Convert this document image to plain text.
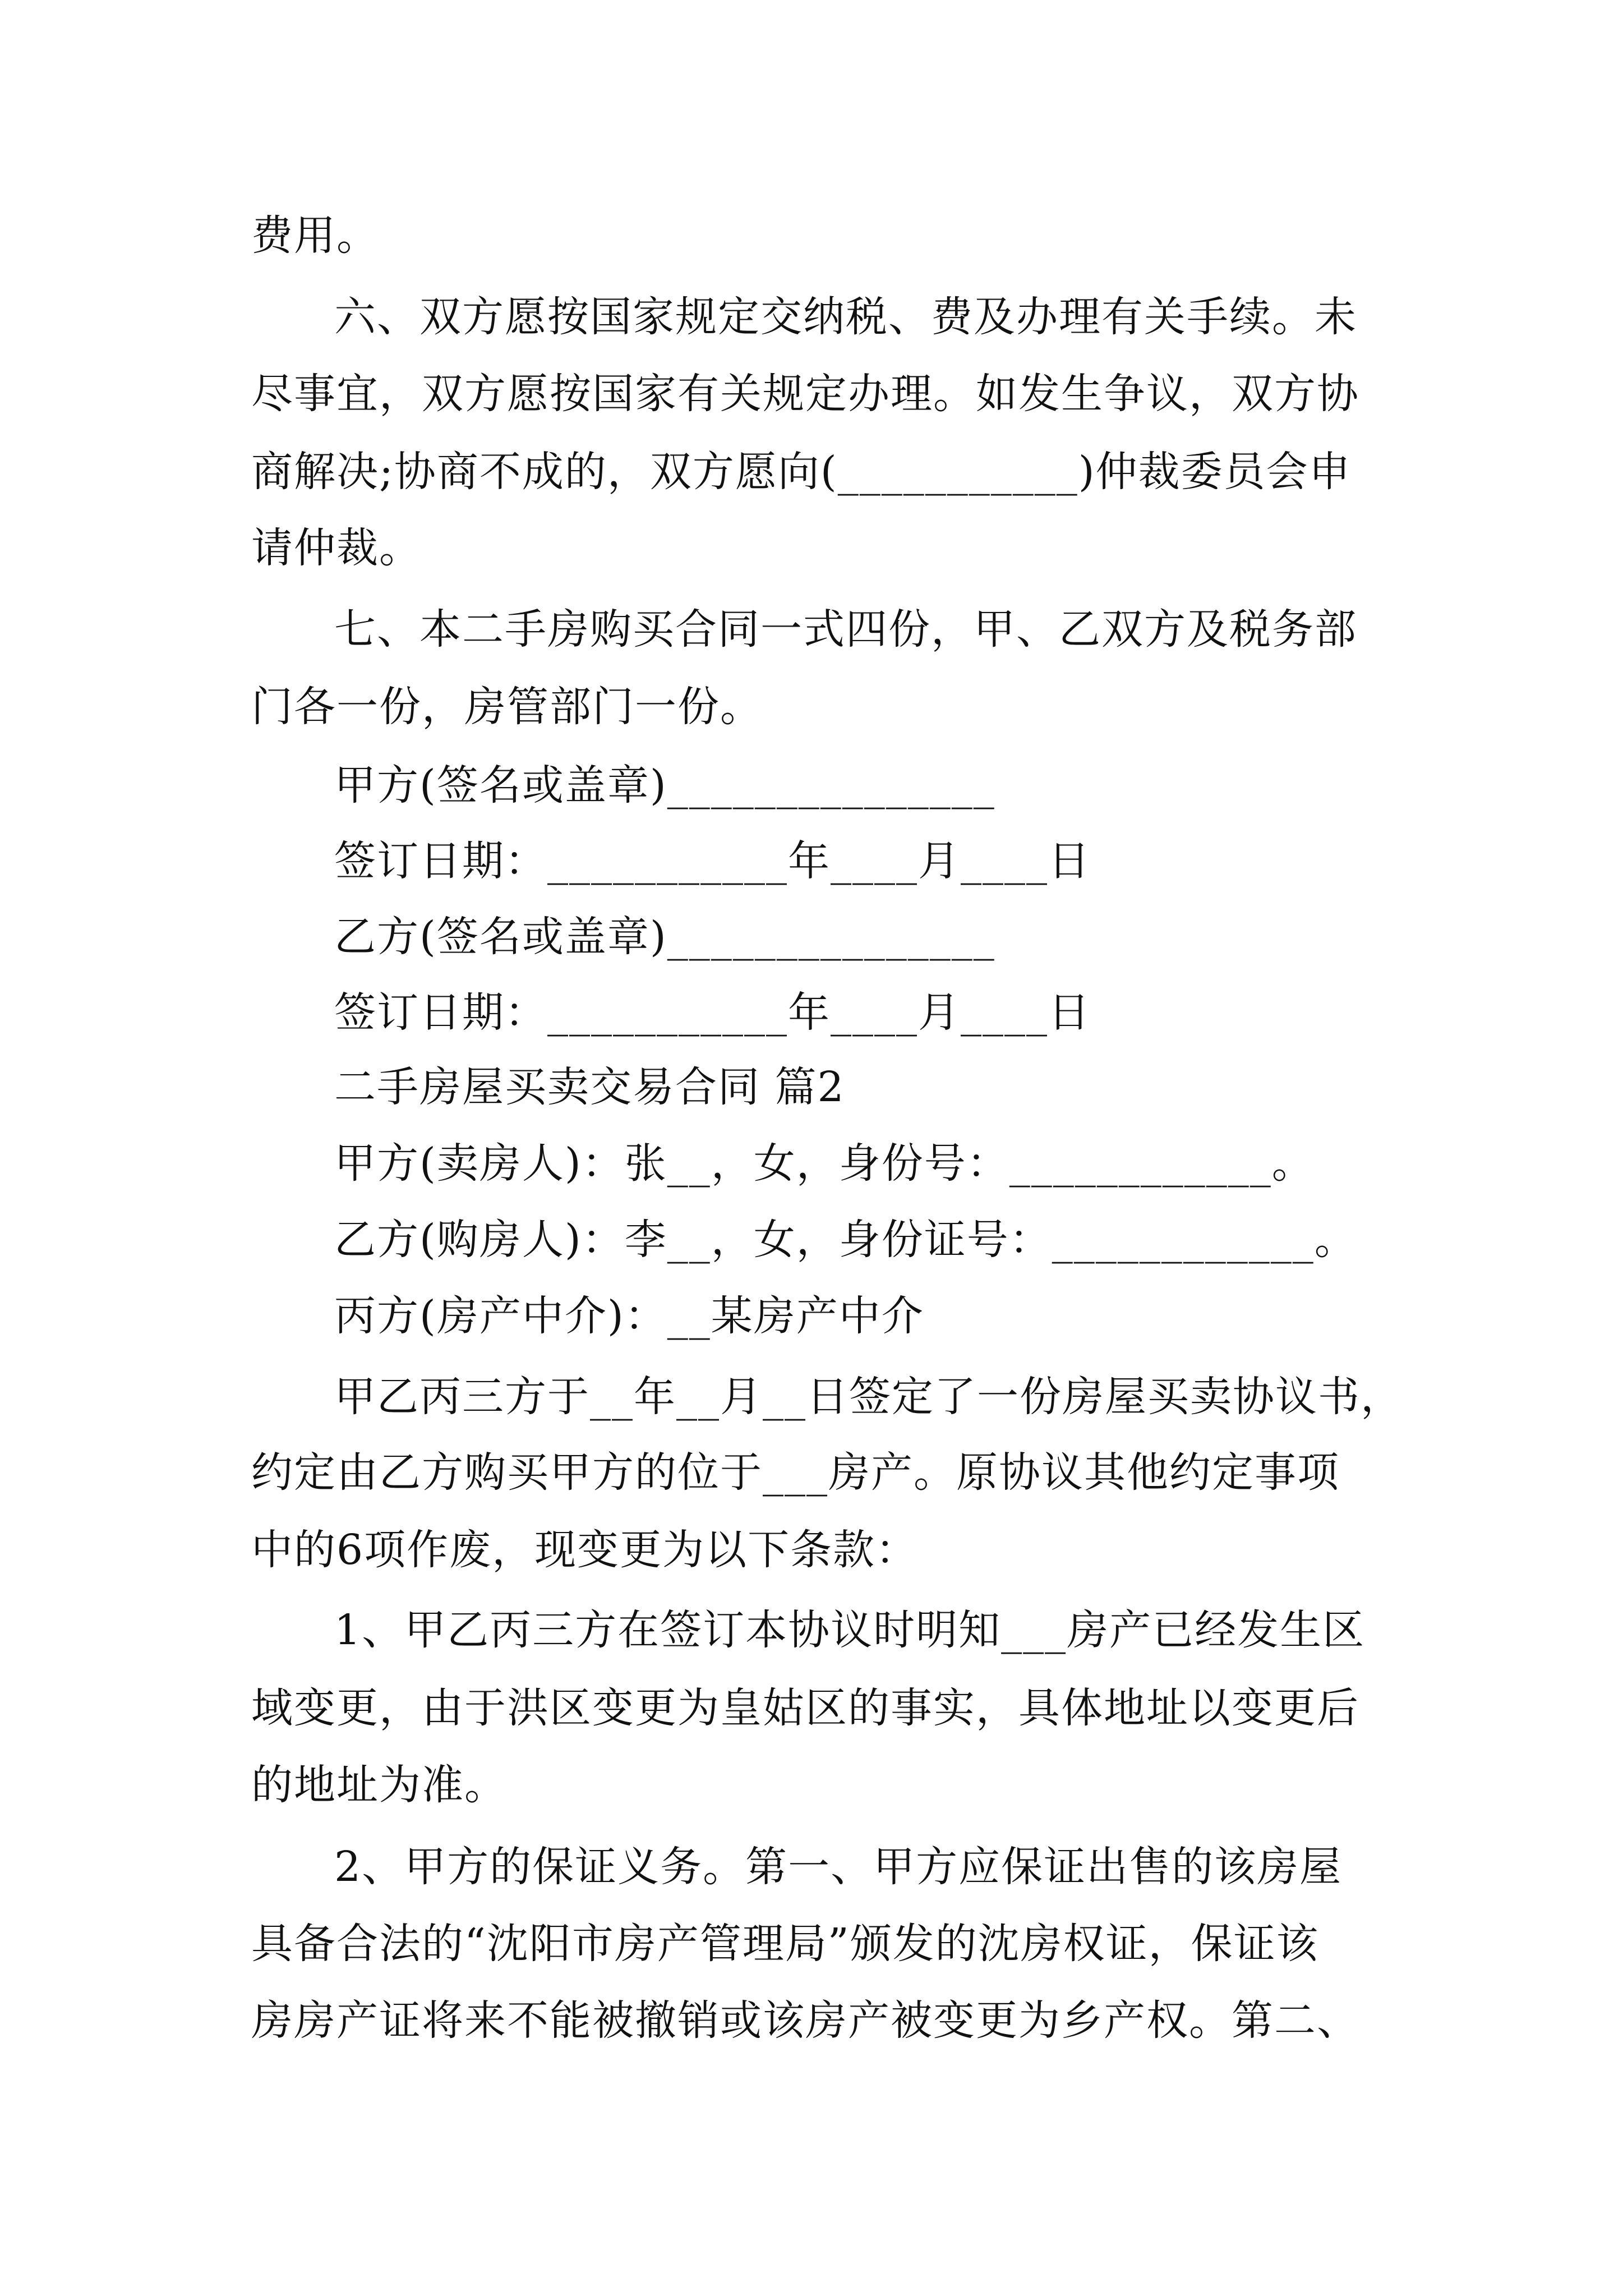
费用。
六、双方愿按国家规定交纳税、费及办理有关手续。未
尽事宜，双方愿按国家有关规定办理。如发生争议，双方协
商解决;协商不成的，双方愿向(___________)仲裁委员会申
请仲裁。
七、本二手房购买合同一式四份，甲、乙双方及税务部
门各一份，房管部门一份。
甲方(签名或盖章)_______________
签订日期：___________年____月____日
乙方(签名或盖章)_______________
签订日期：___________年____月____日
二手房屋买卖交易合同 篇2
甲方(卖房人)：张__，女，身份号：____________。
乙方(购房人)：李__，女，身份证号：____________。
丙方(房产中介)：__某房产中介
甲乙丙三方于__年__月__日签定了一份房屋买卖协议书，
约定由乙方购买甲方的位于___房产。原协议其他约定事项
中的6项作废，现变更为以下条款：
1、甲乙丙三方在签订本协议时明知___房产已经发生区
域变更，由于洪区变更为皇姑区的事实，具体地址以变更后
的地址为准。
2、甲方的保证义务。第一、甲方应保证出售的该房屋
具备合法的“沈阳市房产管理局”颁发的沈房权证，保证该
房房产证将来不能被撤销或该房产被变更为乡产权。第二、
